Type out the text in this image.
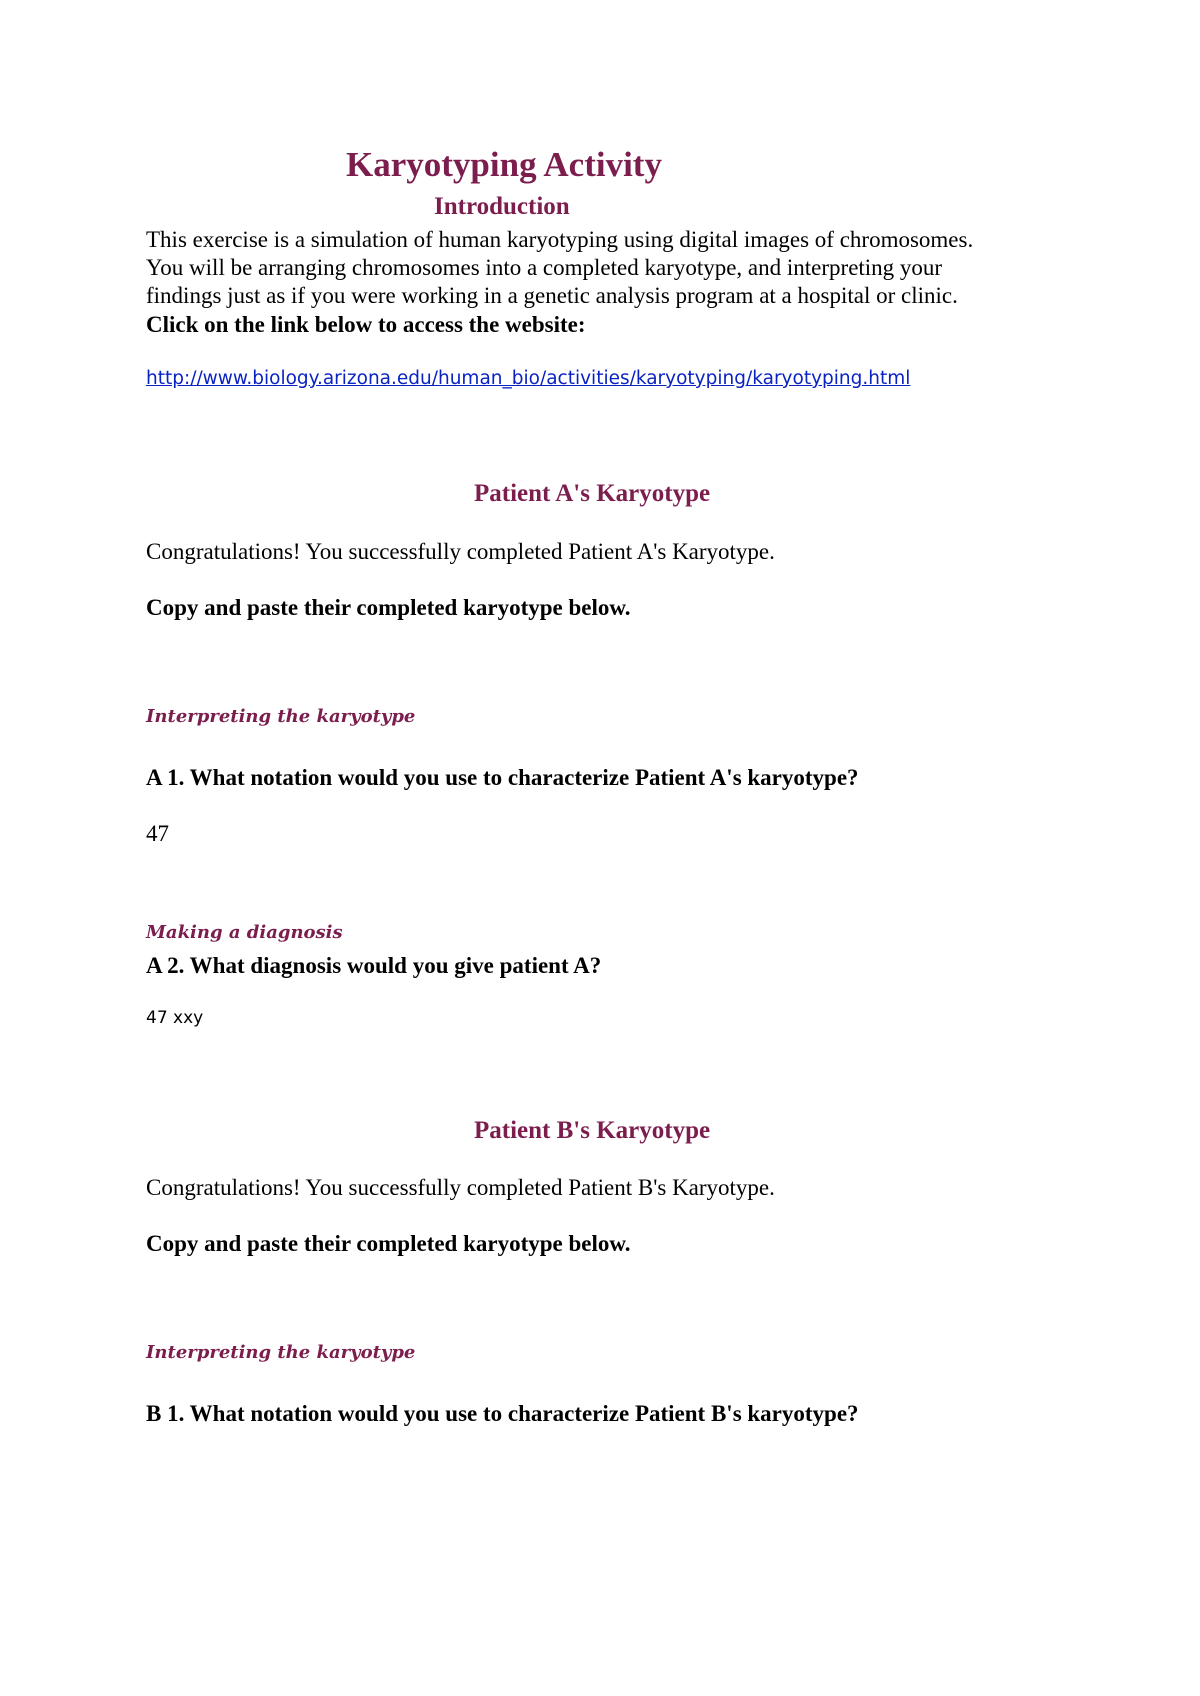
Karyotyping Activity
Introduction
This exercise is a simulation of human karyotyping using digital images of chromosomes.
You will be arranging chromosomes into a completed karyotype, and interpreting your
findings just as if you were working in a genetic analysis program at a hospital or clinic.
Click on the link below to access the website:
http://www.biology.arizona.edu/human_bio/activities/karyotyping/karyotyping.html
Patient A's Karyotype
Congratulations! You successfully completed Patient A's Karyotype.
Copy and paste their completed karyotype below.
Interpreting the karyotype
A 1. What notation would you use to characterize Patient A's karyotype?
47
Making a diagnosis
A 2. What diagnosis would you give patient A?
47 xxy
Patient B's Karyotype
Congratulations! You successfully completed Patient B's Karyotype.
Copy and paste their completed karyotype below.
Interpreting the karyotype
B 1. What notation would you use to characterize Patient B's karyotype?
